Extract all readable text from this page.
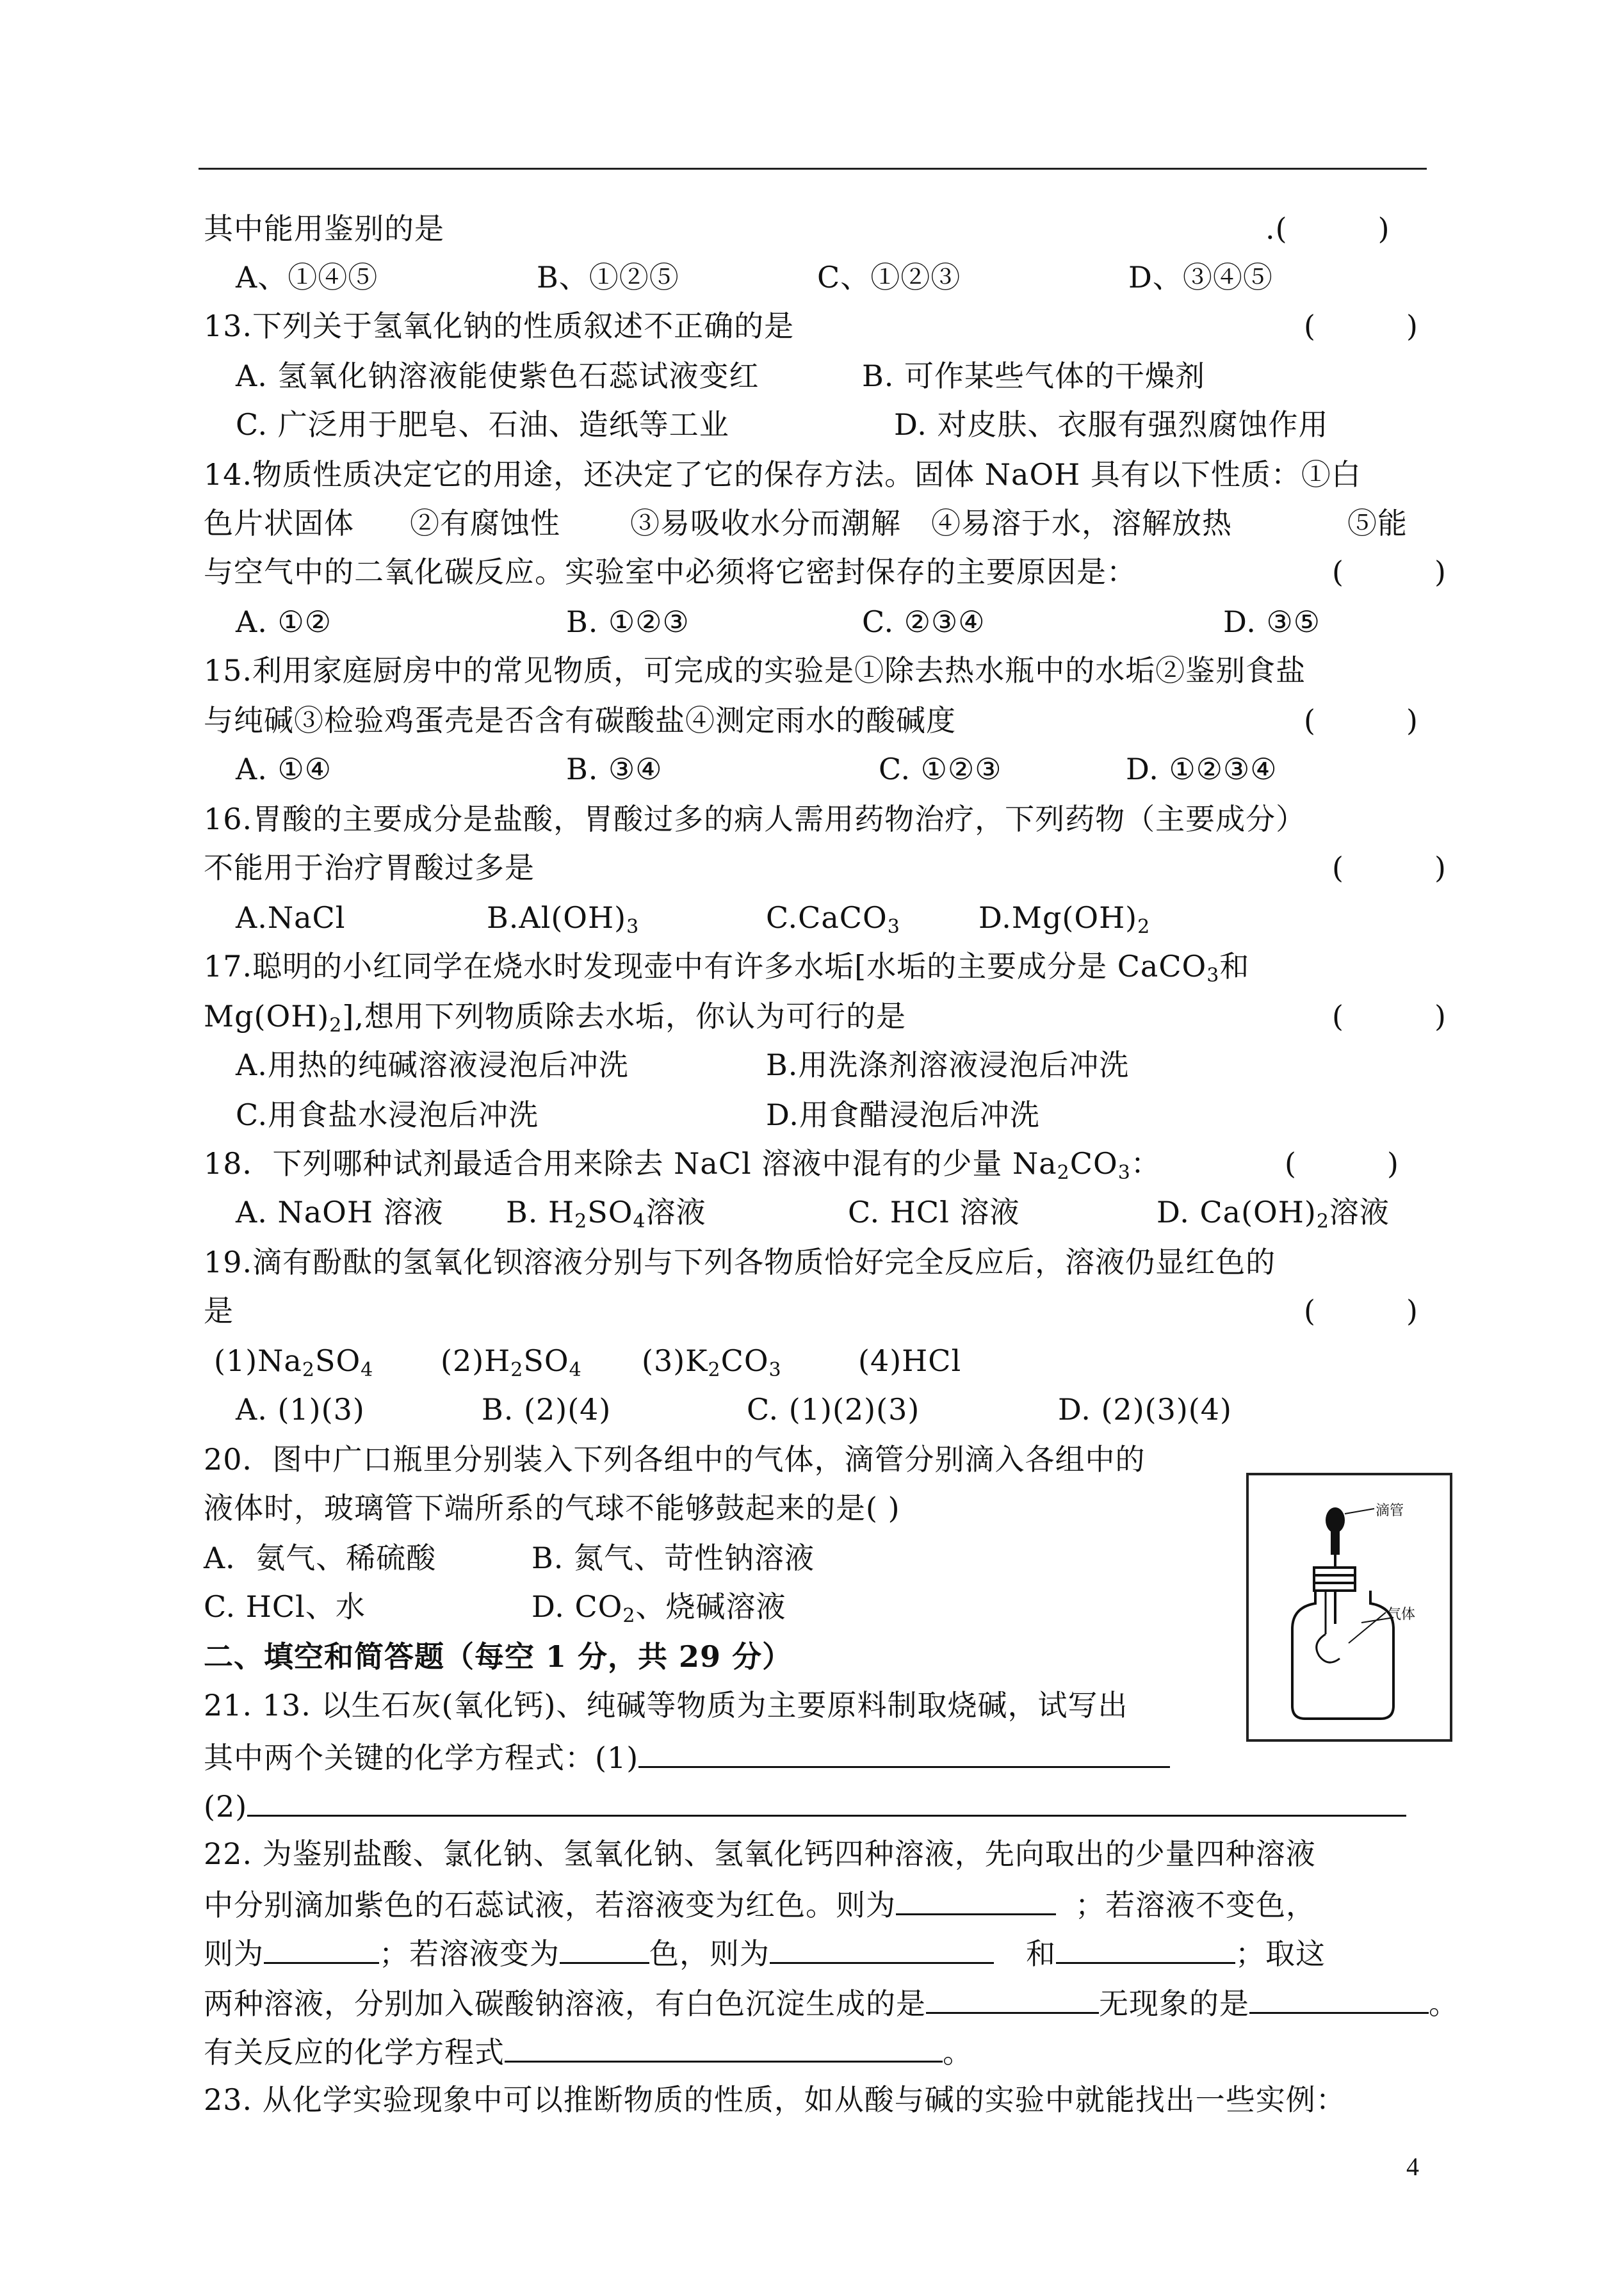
其中能用鉴别的是	.(　　　)
A、①④⑤	B、①②⑤	C、①②③	D、③④⑤
13.下列关于氢氧化钠的性质叙述不正确的是	(　　　)
A. 氢氧化钠溶液能使紫色石蕊试液变红	B. 可作某些气体的干燥剂
C. 广泛用于肥皂、石油、造纸等工业	D. 对皮肤、衣服有强烈腐蚀作用
14.物质性质决定它的用途，还决定了它的保存方法。固体 NaOH 具有以下性质：①白
色片状固体 ②有腐蚀性 ③易吸收水分而潮解 ④易溶于水，溶解放热	⑤能
与空气中的二氧化碳反应。实验室中必须将它密封保存的主要原因是：	(　　　)
A. ①②	B. ①②③	C. ②③④	D. ③⑤
15.利用家庭厨房中的常见物质，可完成的实验是①除去热水瓶中的水垢②鉴别食盐
与纯碱③检验鸡蛋壳是否含有碳酸盐④测定雨水的酸碱度	(　　　)
A. ①④	B. ③④	C. ①②③	D. ①②③④
16.胃酸的主要成分是盐酸，胃酸过多的病人需用药物治疗，下列药物（主要成分）
不能用于治疗胃酸过多是	(　　　)
A.NaCl	$B.Al(OH)_3$	C.CaCO$_3$	$D.Mg(OH)_2$
17.聪明的小红同学在烧水时发现壶中有许多水垢[水垢的主要成分是 CaCO$_3$和
$Mg(OH)_2$],想用下列物质除去水垢，你认为可行的是	(　　　)
A.用热的纯碱溶液浸泡后冲洗	B.用洗涤剂溶液浸泡后冲洗
C.用食盐水浸泡后冲洗	D.用食醋浸泡后冲洗
18．下列哪种试剂最适合用来除去 NaCl 溶液中混有的少量 $Na_2CO_3$：	(　　　)
A. NaOH 溶液 B. $H_2SO_4$溶液	C. HCl 溶液	D. $Ca(OH)_2$溶液
19.滴有酚酞的氢氧化钡溶液分别与下列各物质恰好完全反应后，溶液仍显红色的
是	(　　　)
$(1)Na_2SO_4$ $(2)H_2SO_4$ $(3)K_2CO_3$	(4)HCl
A. (1)(3)	B. (2)(4)	C. (1)(2)(3)	D. (2)(3)(4)
20．图中广口瓶里分别装入下列各组中的气体，滴管分别滴入各组中的
液体时，玻璃管下端所系的气球不能够鼓起来的是( )
A．氨气、稀硫酸	B. 氮气、苛性钠溶液
C. HCl、水	D. $CO_2$、烧碱溶液
滴管
气体
二、填空和简答题（每空 1 分，共 29 分）
21. 13. 以生石灰(氧化钙)、纯碱等物质为主要原料制取烧碱，试写出
其中两个关键的化学方程式：(1)
(2)
22. 为鉴别盐酸、氯化钠、氢氧化钠、氢氧化钙四种溶液，先向取出的少量四种溶液
中分别滴加紫色的石蕊试液，若溶液变为红色。则为	；若溶液不变色，
则为	；若溶液变为	色，则为	和	；取这
两种溶液，分别加入碳酸钠溶液，有白色沉淀生成的是	无现象的是	。
有关反应的化学方程式	。
23. 从化学实验现象中可以推断物质的性质，如从酸与碱的实验中就能找出一些实例：
4
